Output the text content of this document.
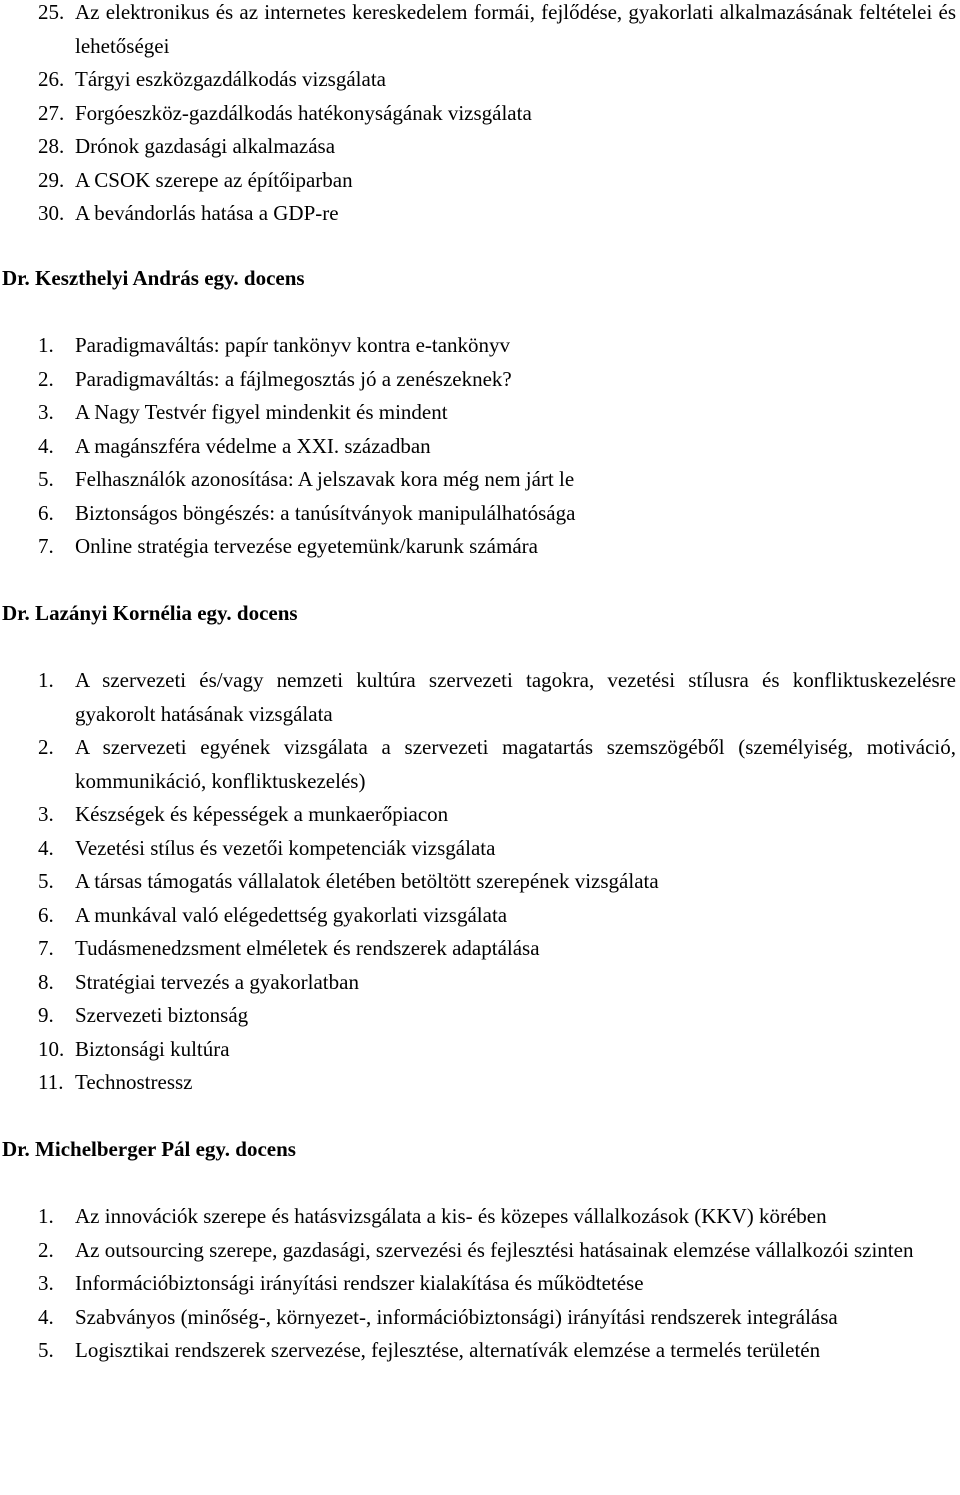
25. Az elektronikus és az internetes kereskedelem formái, fejlődése, gyakorlati alkalmazásának feltételei és lehetőségei
26. Tárgyi eszközgazdálkodás vizsgálata
27. Forgóeszköz-gazdálkodás hatékonyságának vizsgálata
28. Drónok gazdasági alkalmazása
29. A CSOK szerepe az építőiparban
30. A bevándorlás hatása a GDP-re
Dr. Keszthelyi András egy. docens
1.	Paradigmaváltás: papír tankönyv kontra e-tankönyv
2.	Paradigmaváltás: a fájlmegosztás jó a zenészeknek?
3.	A Nagy Testvér figyel mindenkit és mindent
4.	A magánszféra védelme a XXI. században
5.	Felhasználók azonosítása: A jelszavak kora még nem járt le
6.	Biztonságos böngészés: a tanúsítványok manipulálhatósága
7.	Online stratégia tervezése egyetemünk/karunk számára
Dr. Lazányi Kornélia egy. docens
1.	A szervezeti és/vagy nemzeti kultúra szervezeti tagokra, vezetési stílusra és konfliktuskezelésre gyakorolt hatásának vizsgálata
2.	A szervezeti egyének vizsgálata a szervezeti magatartás szemszögéből (személyiség, motiváció, kommunikáció, konfliktuskezelés)
3.	Készségek és képességek a munkaerőpiacon
4.	Vezetési stílus és vezetői kompetenciák vizsgálata
5.	A társas támogatás vállalatok életében betöltött szerepének vizsgálata
6.	A munkával való elégedettség gyakorlati vizsgálata
7.	Tudásmenedzsment elméletek és rendszerek adaptálása
8.	Stratégiai tervezés a gyakorlatban
9.	Szervezeti biztonság
10. Biztonsági kultúra
11. Technostressz
Dr. Michelberger Pál egy. docens
1.	Az innovációk szerepe és hatásvizsgálata a kis- és közepes vállalkozások (KKV) körében
2.	Az outsourcing szerepe, gazdasági, szervezési és fejlesztési hatásainak elemzése vállalkozói szinten
3.	Információbiztonsági irányítási rendszer kialakítása és működtetése
4.	Szabványos (minőség-, környezet-, információbiztonsági) irányítási rendszerek integrálása
5.	Logisztikai rendszerek szervezése, fejlesztése, alternatívák elemzése a termelés területén
